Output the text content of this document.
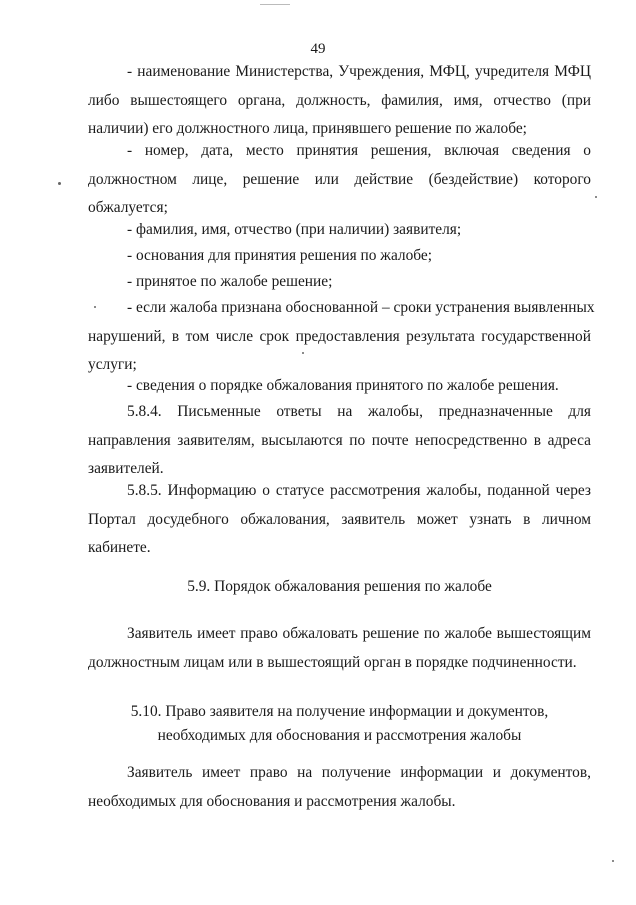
49

- наименование Министерства, Учреждения, МФЦ, учредителя МФЦ
либо вышестоящего органа, должность, фамилия, имя, отчество (при
наличии) его должностного лица, принявшего решение по жалобе;

- номер, дата, место принятия решения, включая сведения о
должностном лице, решение или действие (бездействие) которого
обжалуется;

- фамилия, имя, отчество (при наличии) заявителя;

- основания для принятия решения по жалобе;

- принятое по жалобе решение;

- если жалоба признана обоснованной – сроки устранения выявленных
нарушений, в том числе срок предоставления результата государственной
услуги;

- сведения о порядке обжалования принятого по жалобе решения.

5.8.4. Письменные ответы на жалобы, предназначенные для
направления заявителям, высылаются по почте непосредственно в адреса
заявителей.

5.8.5. Информацию о статусе рассмотрения жалобы, поданной через
Портал досудебного обжалования, заявитель может узнать в личном
кабинете.

5.9. Порядок обжалования решения по жалобе

Заявитель имеет право обжаловать решение по жалобе вышестоящим
должностным лицам или в вышестоящий орган в порядке подчиненности.

5.10. Право заявителя на получение информации и документов,
необходимых для обоснования и рассмотрения жалобы

Заявитель имеет право на получение информации и документов,
необходимых для обоснования и рассмотрения жалобы.
